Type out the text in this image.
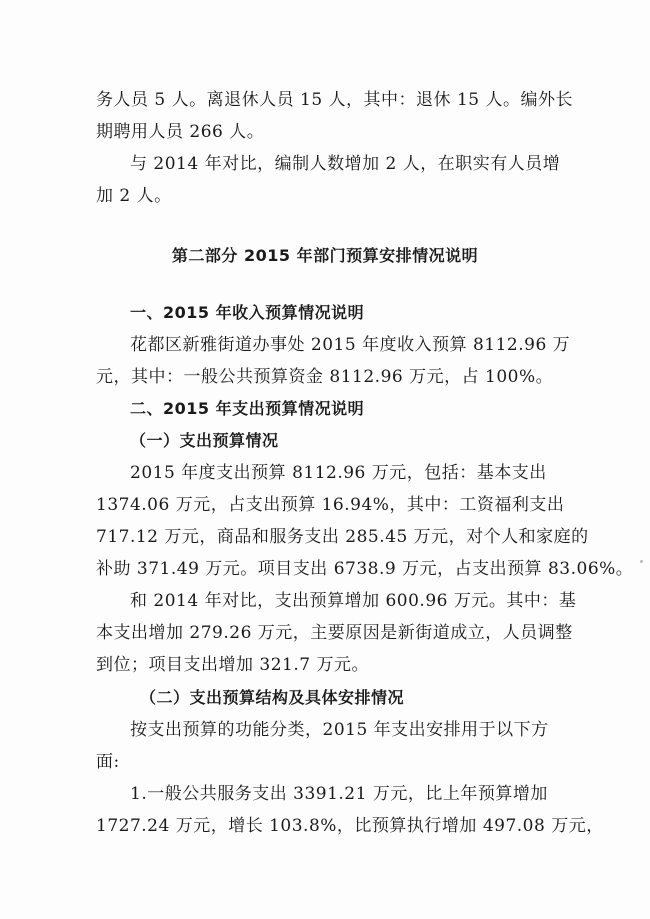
务人员 5 人。离退休人员 15 人，其中：退休 15 人。编外长
期聘用人员 266 人。
与 2014 年对比，编制人数增加 2 人，在职实有人员增
加 2 人。
第二部分 2015 年部门预算安排情况说明
一、2015 年收入预算情况说明
花都区新雅街道办事处 2015 年度收入预算 8112.96 万
元，其中：一般公共预算资金 8112.96 万元，占 100%。
二、2015 年支出预算情况说明
（一）支出预算情况
2015 年度支出预算 8112.96 万元，包括：基本支出
1374.06 万元，占支出预算 16.94%，其中：工资福利支出
717.12 万元，商品和服务支出 285.45 万元，对个人和家庭的
补助 371.49 万元。项目支出 6738.9 万元，占支出预算 83.06%。
和 2014 年对比，支出预算增加 600.96 万元。其中：基
本支出增加 279.26 万元，主要原因是新街道成立，人员调整
到位；项目支出增加 321.7 万元。
（二）支出预算结构及具体安排情况
按支出预算的功能分类，2015 年支出安排用于以下方
面:
1.一般公共服务支出 3391.21 万元，比上年预算增加
1727.24 万元，增长 103.8%，比预算执行增加 497.08 万元，
